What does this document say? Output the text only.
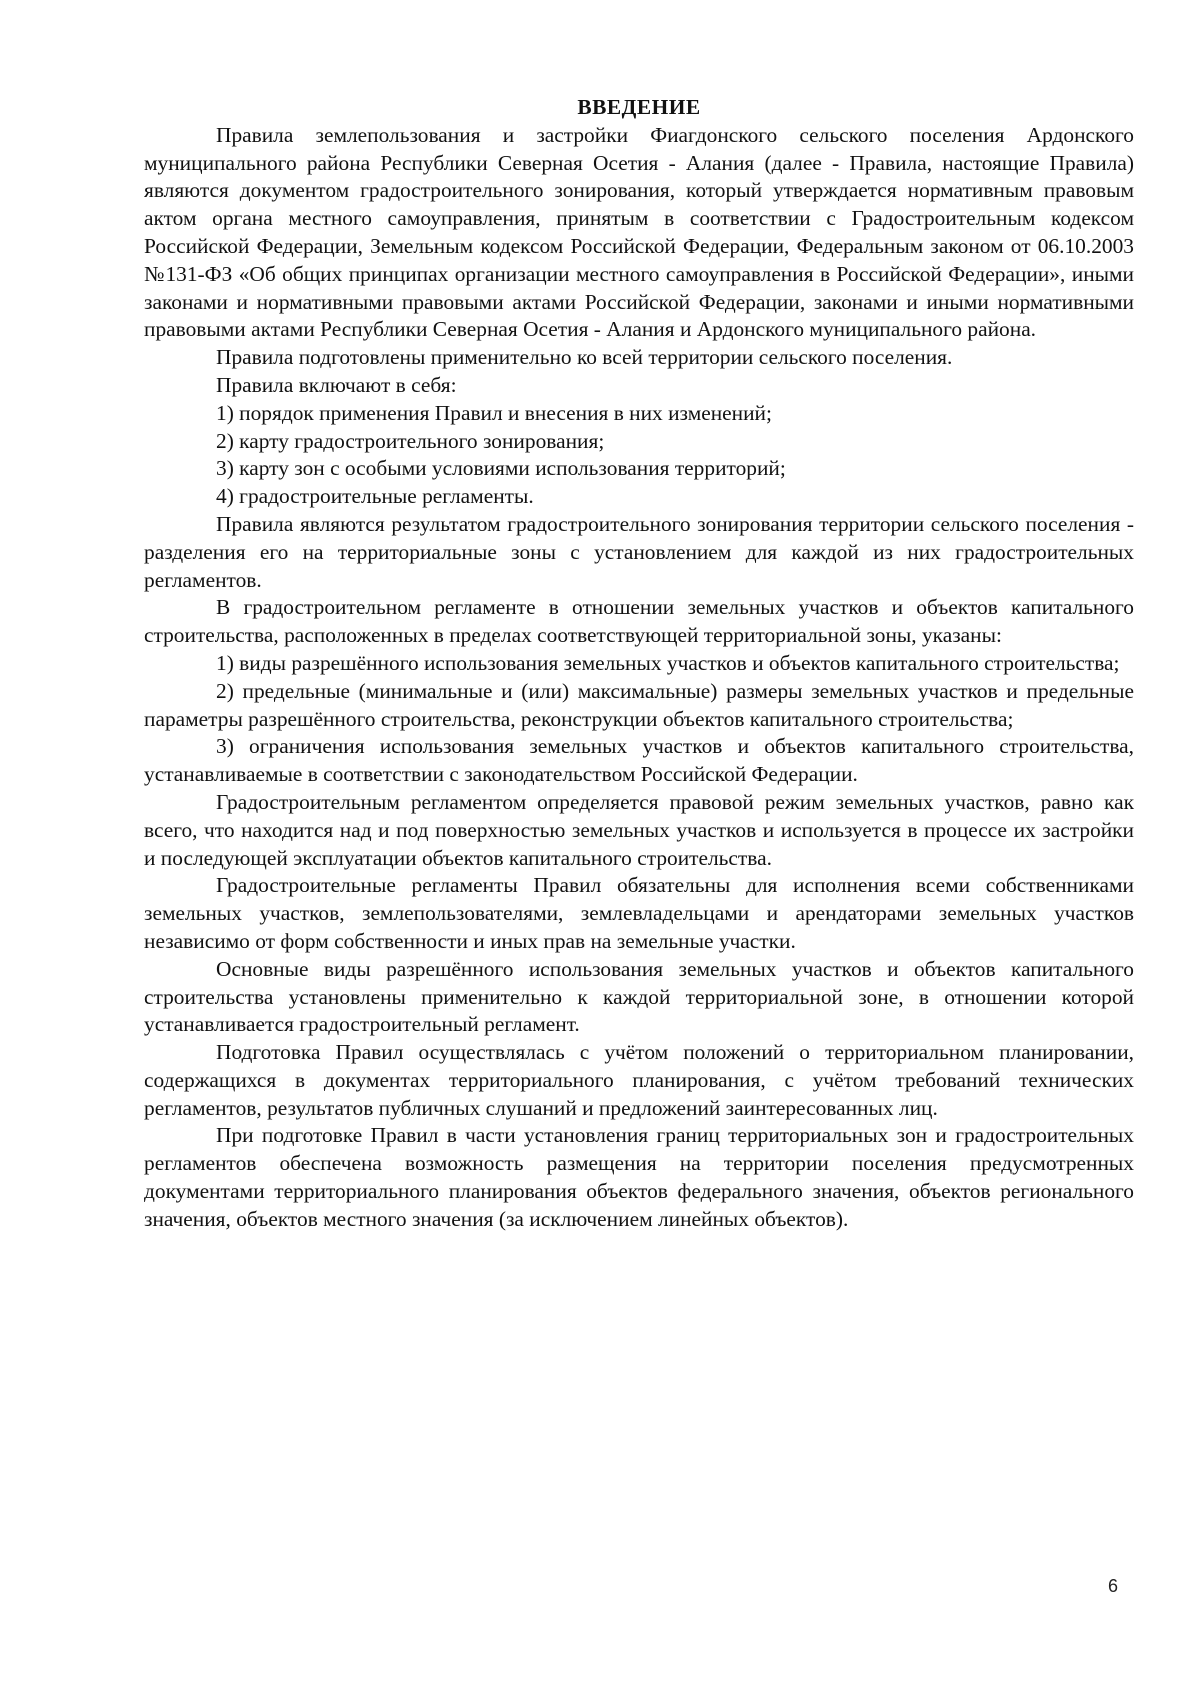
ВВЕДЕНИЕ

Правила землепользования и застройки Фиагдонского сельского поселения Ардонского муниципального района Республики Северная Осетия - Алания (далее - Правила, настоящие Правила) являются документом градостроительного зонирования, который утверждается нормативным правовым актом органа местного самоуправления, принятым в соответствии с Градостроительным кодексом Российской Федерации, Земельным кодексом Российской Федерации, Федеральным законом от 06.10.2003 №131-ФЗ «Об общих принципах организации местного самоуправления в Российской Федерации», иными законами и нормативными правовыми актами Российской Федерации, законами и иными нормативными правовыми актами Республики Северная Осетия - Алания и Ардонского муниципального района.

Правила подготовлены применительно ко всей территории сельского поселения.

Правила включают в себя:

1) порядок применения Правил и внесения в них изменений;

2) карту градостроительного зонирования;

3) карту зон с особыми условиями использования территорий;

4) градостроительные регламенты.

Правила являются результатом градостроительного зонирования территории сельского поселения - разделения его на территориальные зоны с установлением для каждой из них градостроительных регламентов.

В градостроительном регламенте в отношении земельных участков и объектов капитального строительства, расположенных в пределах соответствующей территориальной зоны, указаны:

1) виды разрешённого использования земельных участков и объектов капитального строительства;

2) предельные (минимальные и (или) максимальные) размеры земельных участков и предельные параметры разрешённого строительства, реконструкции объектов капитального строительства;

3) ограничения использования земельных участков и объектов капитального строительства, устанавливаемые в соответствии с законодательством Российской Федерации.

Градостроительным регламентом определяется правовой режим земельных участков, равно как всего, что находится над и под поверхностью земельных участков и используется в процессе их застройки и последующей эксплуатации объектов капитального строительства.

Градостроительные регламенты Правил обязательны для исполнения всеми собственниками земельных участков, землепользователями, землевладельцами и арендаторами земельных участков независимо от форм собственности и иных прав на земельные участки.

Основные виды разрешённого использования земельных участков и объектов капитального строительства установлены применительно к каждой территориальной зоне, в отношении которой устанавливается градостроительный регламент.

Подготовка Правил осуществлялась с учётом положений о территориальном планировании, содержащихся в документах территориального планирования, с учётом требований технических регламентов, результатов публичных слушаний и предложений заинтересованных лиц.

При подготовке Правил в части установления границ территориальных зон и градостроительных регламентов обеспечена возможность размещения на территории поселения предусмотренных документами территориального планирования объектов федерального значения, объектов регионального значения, объектов местного значения (за исключением линейных объектов).

6
